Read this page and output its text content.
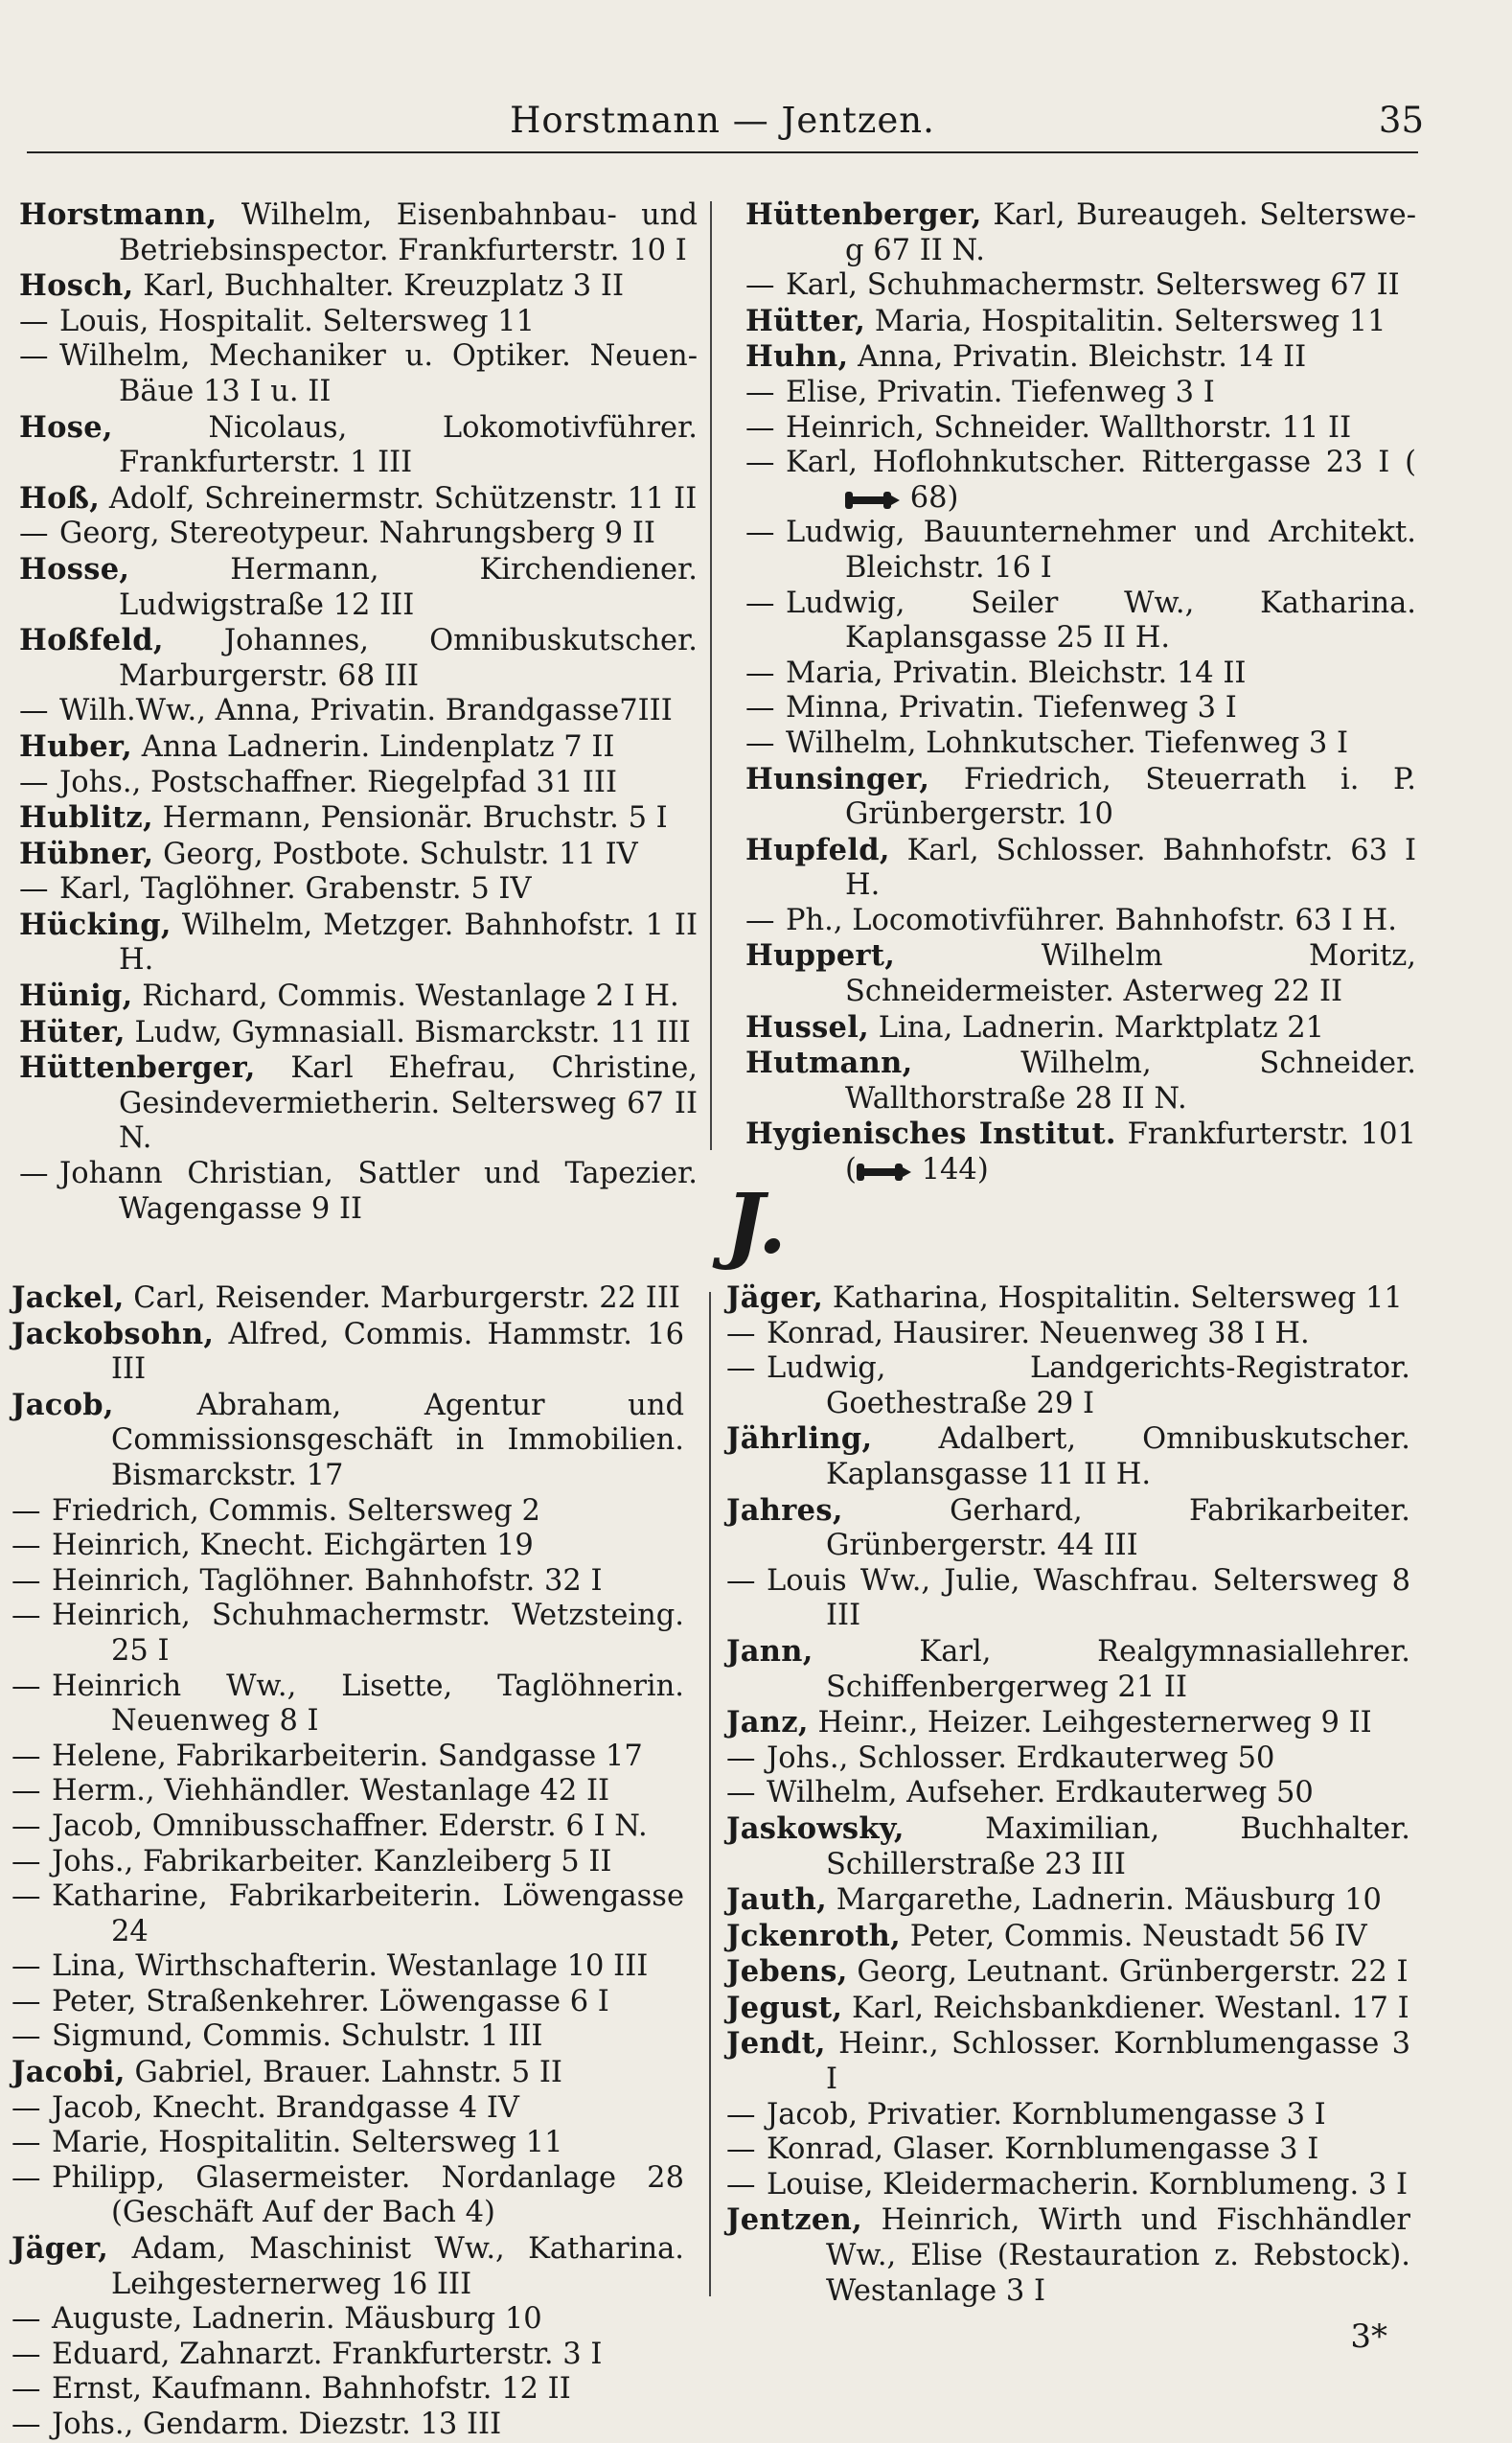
Horstmann — Jentzen.	35
Horstmann, Wilhelm, Eisenbahnbau- und Betriebsinspector. Frankfurterstr. 10 I
Hosch, Karl, Buchhalter. Kreuzplatz 3 II
— Louis, Hospitalit. Seltersweg 11
— Wilhelm, Mechaniker u. Optiker. Neuen-Bäue 13 I u. II
Hose, Nicolaus, Lokomotivführer. Frankfurterstr. 1 III
Hoß, Adolf, Schreinermstr. Schützenstr. 11 II
— Georg, Stereotypeur. Nahrungsberg 9 II
Hosse, Hermann, Kirchendiener. Ludwigstraße 12 III
Hoßfeld, Johannes, Omnibuskutscher. Marburgerstr. 68 III
— Wilh.Ww., Anna, Privatin. Brandgasse7III
Huber, Anna Ladnerin. Lindenplatz 7 II
— Johs., Postschaffner. Riegelpfad 31 III
Hublitz, Hermann, Pensionär. Bruchstr. 5 I
Hübner, Georg, Postbote. Schulstr. 11 IV
— Karl, Taglöhner. Grabenstr. 5 IV
Hücking, Wilhelm, Metzger. Bahnhofstr. 1 II H.
Hünig, Richard, Commis. Westanlage 2 I H.
Hüter, Ludw, Gymnasiall. Bismarckstr. 11 III
Hüttenberger, Karl Ehefrau, Christine, Gesindevermietherin. Seltersweg 67 II N.
— Johann Christian, Sattler und Tapezier. Wagengasse 9 II
Hüttenberger, Karl, Bureaugeh. Seltersweg 67 II N.
— Karl, Schuhmachermstr. Seltersweg 67 II
Hütter, Maria, Hospitalitin. Seltersweg 11
Huhn, Anna, Privatin. Bleichstr. 14 II
— Elise, Privatin. Tiefenweg 3 I
— Heinrich, Schneider. Wallthorstr. 11 II
— Karl, Hoflohnkutscher. Rittergasse 23 I (
68)
— Ludwig, Bauunternehmer und Architekt. Bleichstr. 16 I
— Ludwig, Seiler Ww., Katharina. Kaplansgasse 25 II H.
— Maria, Privatin. Bleichstr. 14 II
— Minna, Privatin. Tiefenweg 3 I
— Wilhelm, Lohnkutscher. Tiefenweg 3 I
Hunsinger, Friedrich, Steuerrath i. P. Grünbergerstr. 10
Hupfeld, Karl, Schlosser. Bahnhofstr. 63 I H.
— Ph., Locomotivführer. Bahnhofstr. 63 I H.
Huppert, Wilhelm Moritz, Schneidermeister. Asterweg 22 II
Hussel, Lina, Ladnerin. Marktplatz 21
Hutmann, Wilhelm, Schneider. Wallthorstraße 28 II N.
Hygienisches Institut. Frankfurterstr. 101 (
144)
J.
Jackel, Carl, Reisender. Marburgerstr. 22 III
Jackobsohn, Alfred, Commis. Hammstr. 16 III
Jacob, Abraham, Agentur und Commissionsgeschäft in Immobilien. Bismarckstr. 17
— Friedrich, Commis. Seltersweg 2
— Heinrich, Knecht. Eichgärten 19
— Heinrich, Taglöhner. Bahnhofstr. 32 I
— Heinrich, Schuhmachermstr. Wetzsteing. 25 I
— Heinrich Ww., Lisette, Taglöhnerin. Neuenweg 8 I
— Helene, Fabrikarbeiterin. Sandgasse 17
— Herm., Viehhändler. Westanlage 42 II
— Jacob, Omnibusschaffner. Ederstr. 6 I N.
— Johs., Fabrikarbeiter. Kanzleiberg 5 II
— Katharine, Fabrikarbeiterin. Löwengasse 24
— Lina, Wirthschafterin. Westanlage 10 III
— Peter, Straßenkehrer. Löwengasse 6 I
— Sigmund, Commis. Schulstr. 1 III
Jacobi, Gabriel, Brauer. Lahnstr. 5 II
— Jacob, Knecht. Brandgasse 4 IV
— Marie, Hospitalitin. Seltersweg 11
— Philipp, Glasermeister. Nordanlage 28 (Geschäft Auf der Bach 4)
Jäger, Adam, Maschinist Ww., Katharina. Leihgesternerweg 16 III
— Auguste, Ladnerin. Mäusburg 10
— Eduard, Zahnarzt. Frankfurterstr. 3 I
— Ernst, Kaufmann. Bahnhofstr. 12 II
— Johs., Gendarm. Diezstr. 13 III
Jäger, Katharina, Hospitalitin. Seltersweg 11
— Konrad, Hausirer. Neuenweg 38 I H.
— Ludwig, Landgerichts-Registrator. Goethestraße 29 I
Jährling, Adalbert, Omnibuskutscher. Kaplansgasse 11 II H.
Jahres, Gerhard, Fabrikarbeiter. Grünbergerstr. 44 III
— Louis Ww., Julie, Waschfrau. Seltersweg 8 III
Jann, Karl, Realgymnasiallehrer. Schiffenbergerweg 21 II
Janz, Heinr., Heizer. Leihgesternerweg 9 II
— Johs., Schlosser. Erdkauterweg 50
— Wilhelm, Aufseher. Erdkauterweg 50
Jaskowsky, Maximilian, Buchhalter. Schillerstraße 23 III
Jauth, Margarethe, Ladnerin. Mäusburg 10
Jckenroth, Peter, Commis. Neustadt 56 IV
Jebens, Georg, Leutnant. Grünbergerstr. 22 I
Jegust, Karl, Reichsbankdiener. Westanl. 17 I
Jendt, Heinr., Schlosser. Kornblumengasse 3 I
— Jacob, Privatier. Kornblumengasse 3 I
— Konrad, Glaser. Kornblumengasse 3 I
— Louise, Kleidermacherin. Kornblumeng. 3 I
Jentzen, Heinrich, Wirth und Fischhändler Ww., Elise (Restauration z. Rebstock). Westanlage 3 I
3*
